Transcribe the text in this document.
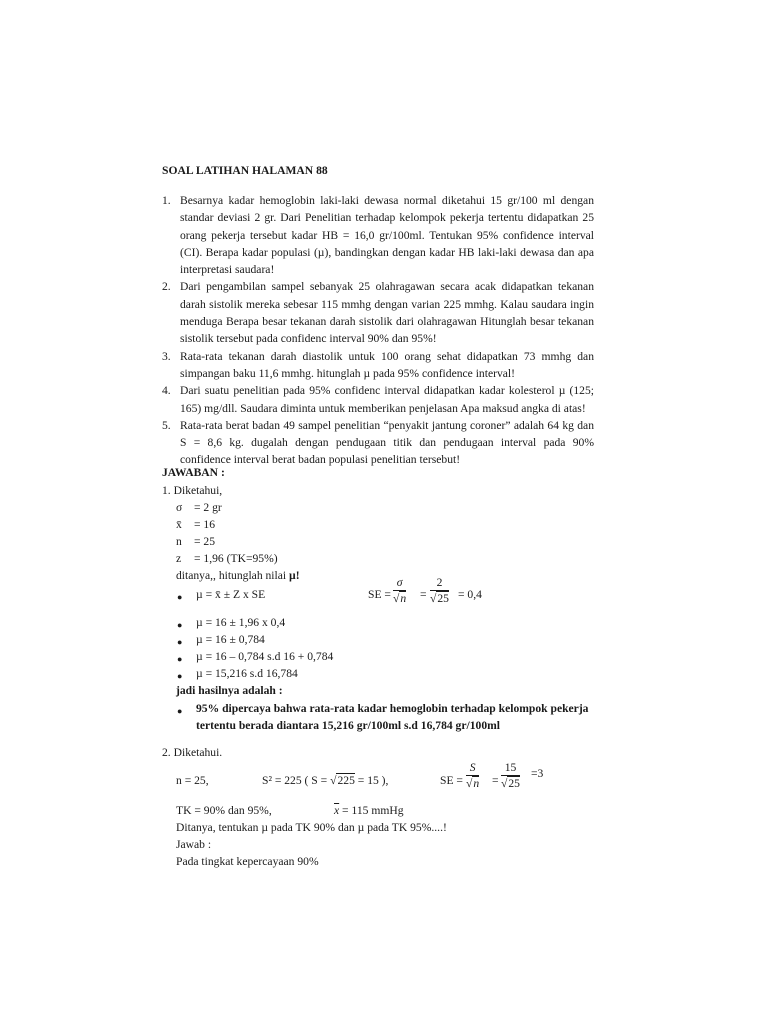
SOAL LATIHAN HALAMAN 88
1. Besarnya kadar hemoglobin laki-laki dewasa normal diketahui 15 gr/100 ml dengan standar deviasi 2 gr. Dari Penelitian terhadap kelompok pekerja tertentu didapatkan 25 orang pekerja tersebut kadar HB = 16,0 gr/100ml. Tentukan 95% confidence interval (CI). Berapa kadar populasi (µ), bandingkan dengan kadar HB laki-laki dewasa dan apa interpretasi saudara!
2. Dari pengambilan sampel sebanyak 25 olahragawan secara acak didapatkan tekanan darah sistolik mereka sebesar 115 mmhg dengan varian 225 mmhg. Kalau saudara ingin menduga Berapa besar tekanan darah sistolik dari olahragawan Hitunglah besar tekanan sistolik tersebut pada confidenc interval 90% dan 95%!
3. Rata-rata tekanan darah diastolik untuk 100 orang sehat didapatkan 73 mmhg dan simpangan baku 11,6 mmhg. hitunglah µ pada 95% confidence interval!
4. Dari suatu penelitian pada 95% confidenc interval didapatkan kadar kolesterol µ (125; 165) mg/dll. Saudara diminta untuk memberikan penjelasan Apa maksud angka di atas!
5. Rata-rata berat badan 49 sampel penelitian “penyakit jantung coroner” adalah 64 kg dan S = 8,6 kg. dugalah dengan pendugaan titik dan pendugaan interval pada 90% confidence interval berat badan populasi penelitian tersebut!
JAWABAN :
1. Diketahui,
σ = 2 gr
x̄ = 16
n = 25
z = 1,96 (TK=95%)
ditanya,, hitunglah nilai µ!
● µ = x̄ ± Z x SE	SE = $\frac{\sigma}{√n} = \frac{2}{√25} = 0,4$
● µ = 16 ± 1,96 x 0,4
● µ = 16 ± 0,784
● µ = 16 – 0,784 s.d 16 + 0,784
● µ = 15,216 s.d 16,784
jadi hasilnya adalah :
● 95% dipercaya bahwa rata-rata kadar hemoglobin terhadap kelompok pekerja
tertentu berada diantara 15,216 gr/100ml s.d 16,784 gr/100ml
2. Diketahui.
n = 25,	S² = 225 ( S = √225 = 15 ),	SE = $\frac{S}{√n} = \frac{15}{√25} =3$
TK = 90% dan 95%,	$\overline{x} = 115$ mmHg
Ditanya, tentukan µ pada TK 90% dan µ pada TK 95%....!
Jawab :
Pada tingkat kepercayaan 90%
